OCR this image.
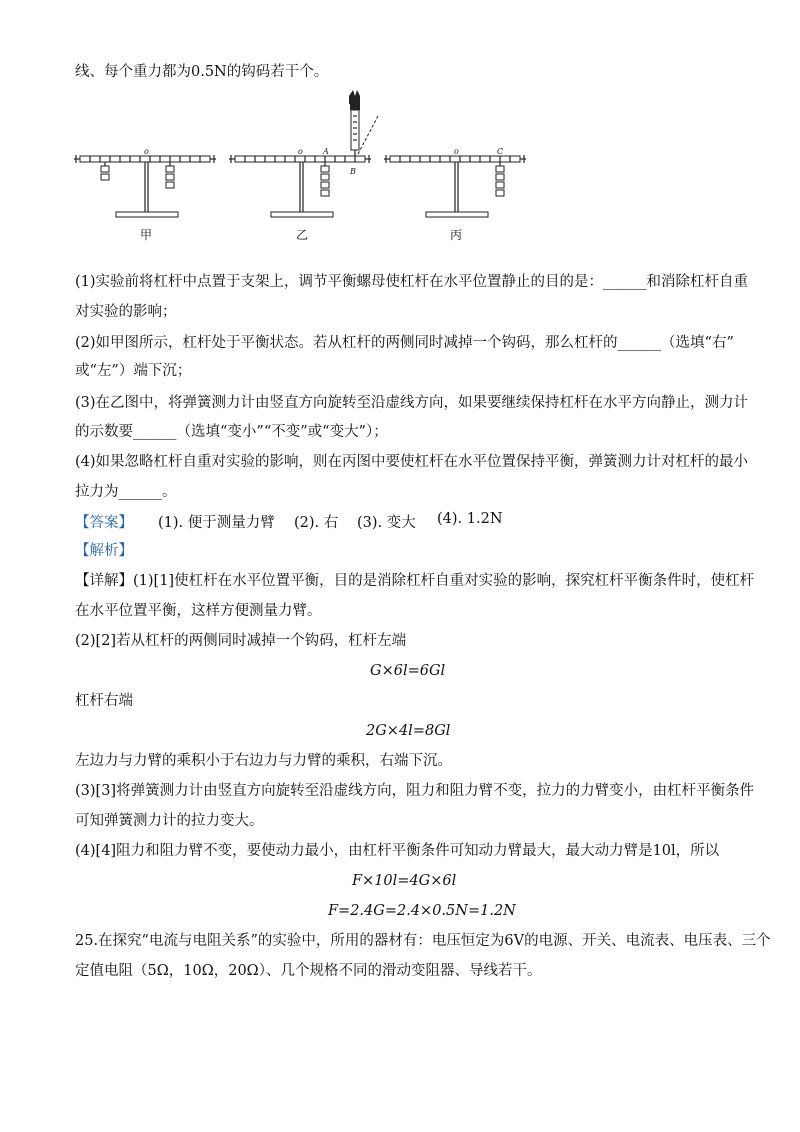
线、每个重力都为0.5N的钩码若干个。
o	o	A
B
o	C
甲	乙	丙
(1)实验前将杠杆中点置于支架上，调节平衡螺母使杠杆在水平位置静止的目的是：______和消除杠杆自重
对实验的影响；
(2)如甲图所示，杠杆处于平衡状态。若从杠杆的两侧同时减掉一个钩码，那么杠杆的______（选填“右”
或“左”）端下沉；
(3)在乙图中，将弹簧测力计由竖直方向旋转至沿虚线方向，如果要继续保持杠杆在水平方向静止，测力计
的示数要______（选填“变小”“不变”或“变大”）；
(4)如果忽略杠杆自重对实验的影响，则在丙图中要使杠杆在水平位置保持平衡，弹簧测力计对杠杆的最小
拉力为______。
【答案】 (1). 便于测量力臂 (2). 右 (3). 变大 (4). 1.2N
【解析】
【详解】(1)[1]使杠杆在水平位置平衡，目的是消除杠杆自重对实验的影响，探究杠杆平衡条件时，使杠杆
在水平位置平衡，这样方便测量力臂。
(2)[2]若从杠杆的两侧同时减掉一个钩码，杠杆左端
G×6l=6Gl
杠杆右端
2G×4l=8Gl
左边力与力臂的乘积小于右边力与力臂的乘积，右端下沉。
(3)[3]将弹簧测力计由竖直方向旋转至沿虚线方向，阻力和阻力臂不变，拉力的力臂变小，由杠杆平衡条件
可知弹簧测力计的拉力变大。
(4)[4]阻力和阻力臂不变，要使动力最小，由杠杆平衡条件可知动力臂最大，最大动力臂是10l，所以
F×10l=4G×6l
F=2.4G=2.4×0.5N=1.2N
25.在探究“电流与电阻关系”的实验中，所用的器材有：电压恒定为6V的电源、开关、电流表、电压表、三个
定值电阻（5Ω，10Ω，20Ω）、几个规格不同的滑动变阻器、导线若干。
